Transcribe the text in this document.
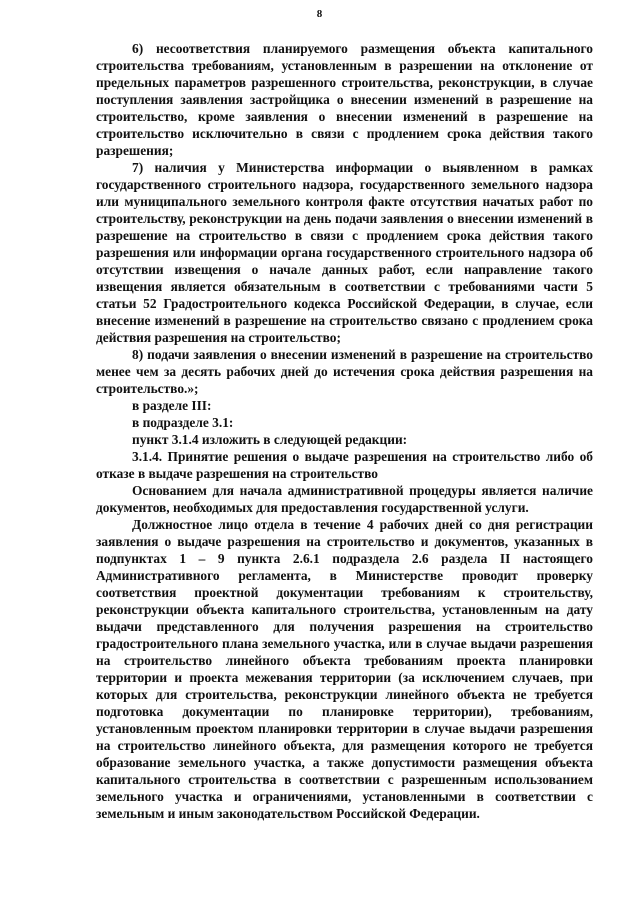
8

6) несоответствия планируемого размещения объекта капитального строительства требованиям, установленным в разрешении на отклонение от предельных параметров разрешенного строительства, реконструкции, в случае поступления заявления застройщика о внесении изменений в разрешение на строительство, кроме заявления о внесении изменений в разрешение на строительство исключительно в связи с продлением срока действия такого разрешения;

7) наличия у Министерства информации о выявленном в рамках государственного строительного надзора, государственного земельного надзора или муниципального земельного контроля факте отсутствия начатых работ по строительству, реконструкции на день подачи заявления о внесении изменений в разрешение на строительство в связи с продлением срока действия такого разрешения или информации органа государственного строительного надзора об отсутствии извещения о начале данных работ, если направление такого извещения является обязательным в соответствии с требованиями части 5 статьи 52 Градостроительного кодекса Российской Федерации, в случае, если внесение изменений в разрешение на строительство связано с продлением срока действия разрешения на строительство;

8) подачи заявления о внесении изменений в разрешение на строительство менее чем за десять рабочих дней до истечения срока действия разрешения на строительство.»;

в разделе III:

в подразделе 3.1:

пункт 3.1.4 изложить в следующей редакции:

3.1.4. Принятие решения о выдаче разрешения на строительство либо об отказе в выдаче разрешения на строительство

Основанием для начала административной процедуры является наличие документов, необходимых для предоставления государственной услуги.

Должностное лицо отдела в течение 4 рабочих дней со дня регистрации заявления о выдаче разрешения на строительство и документов, указанных в подпунктах 1 – 9 пункта 2.6.1 подраздела 2.6 раздела II настоящего Административного регламента, в Министерстве проводит проверку соответствия проектной документации требованиям к строительству, реконструкции объекта капитального строительства, установленным на дату выдачи представленного для получения разрешения на строительство градостроительного плана земельного участка, или в случае выдачи разрешения на строительство линейного объекта требованиям проекта планировки территории и проекта межевания территории (за исключением случаев, при которых для строительства, реконструкции линейного объекта не требуется подготовка документации по планировке территории), требованиям, установленным проектом планировки территории в случае выдачи разрешения на строительство линейного объекта, для размещения которого не требуется образование земельного участка, а также допустимости размещения объекта капитального строительства в соответствии с разрешенным использованием земельного участка и ограничениями, установленными в соответствии с земельным и иным законодательством Российской Федерации.
